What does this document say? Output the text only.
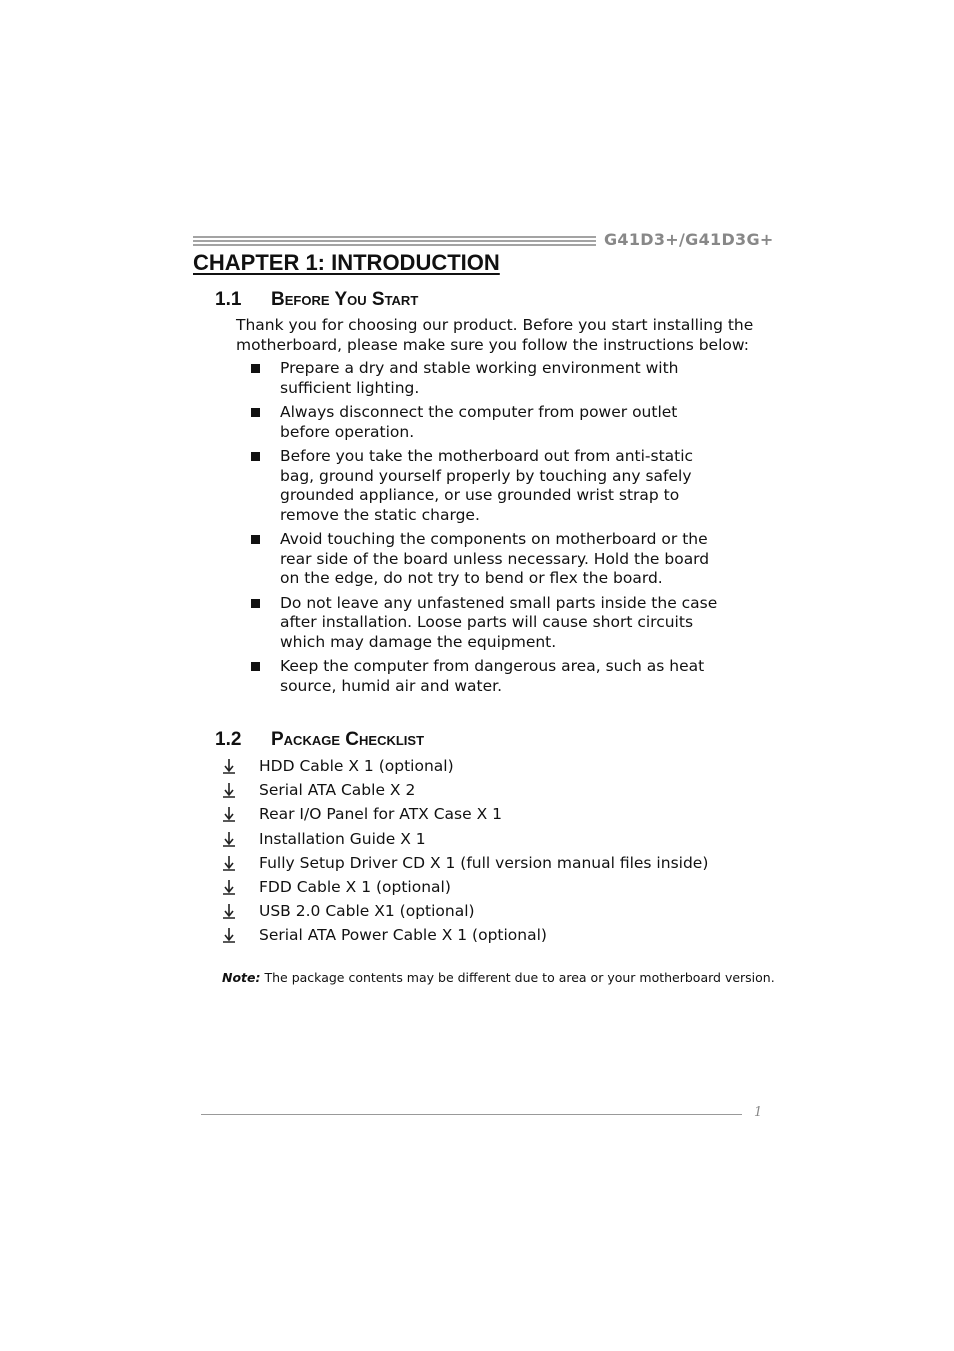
G41D3+/G41D3G+
CHAPTER 1: INTRODUCTION
1.1 Before You Start
Thank you for choosing our product. Before you start installing the motherboard, please make sure you follow the instructions below:
Prepare a dry and stable working environment with sufficient lighting.
Always disconnect the computer from power outlet before operation.
Before you take the motherboard out from anti-static bag, ground yourself properly by touching any safely grounded appliance, or use grounded wrist strap to remove the static charge.
Avoid touching the components on motherboard or the rear side of the board unless necessary. Hold the board on the edge, do not try to bend or flex the board.
Do not leave any unfastened small parts inside the case after installation. Loose parts will cause short circuits which may damage the equipment.
Keep the computer from dangerous area, such as heat source, humid air and water.
1.2 Package Checklist
HDD Cable X 1 (optional)
Serial ATA Cable X 2
Rear I/O Panel for ATX Case X 1
Installation Guide X 1
Fully Setup Driver CD X 1 (full version manual files inside)
FDD Cable X 1 (optional)
USB 2.0 Cable X1 (optional)
Serial ATA Power Cable X 1 (optional)
Note: The package contents may be different due to area or your motherboard version.
1
